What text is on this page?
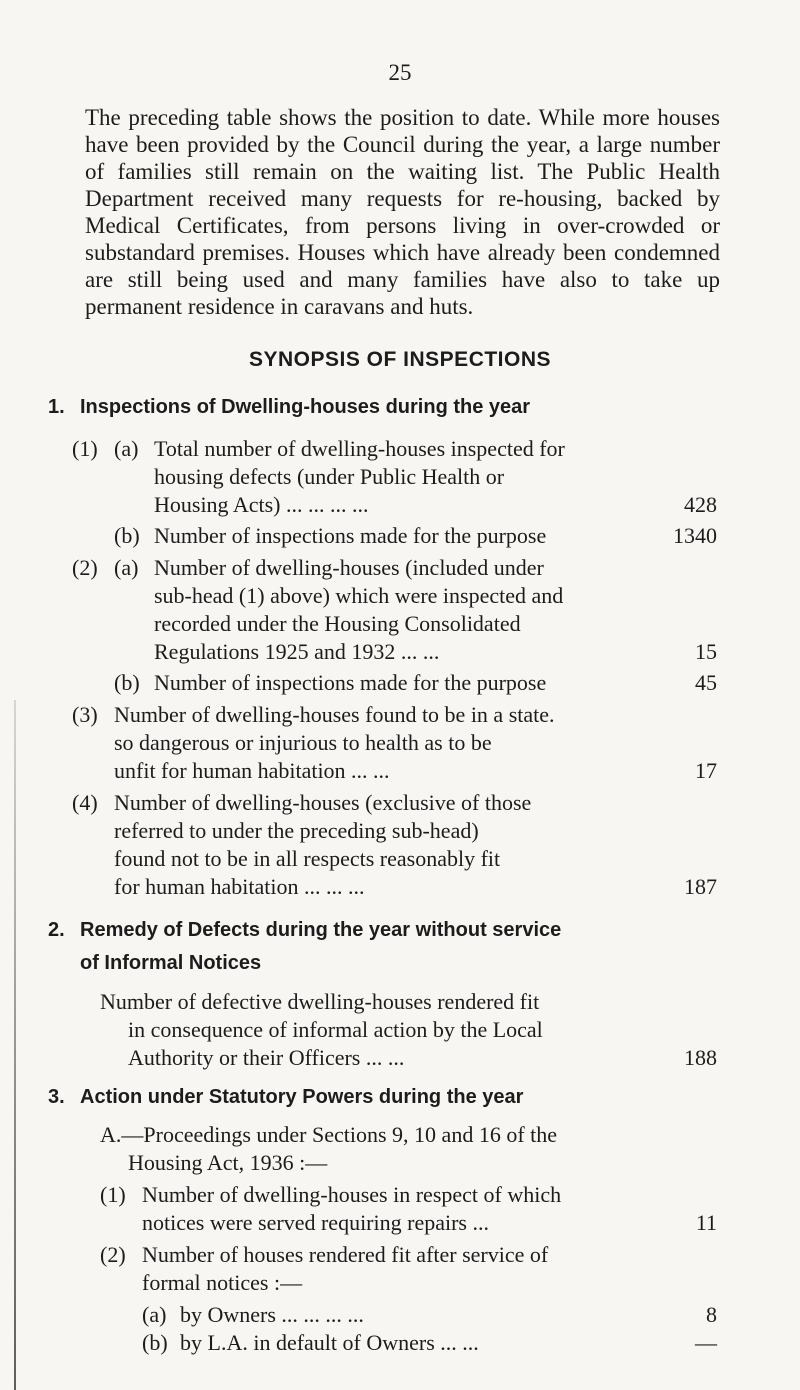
25
The preceding table shows the position to date. While more houses have been provided by the Council during the year, a large number of families still remain on the waiting list. The Public Health Department received many requests for re-housing, backed by Medical Certificates, from persons living in over-crowded or substandard premises. Houses which have already been condemned are still being used and many families have also to take up permanent residence in caravans and huts.
SYNOPSIS OF INSPECTIONS
1. Inspections of Dwelling-houses during the year
(1) (a) Total number of dwelling-houses inspected for
housing defects (under Public Health or
Housing Acts) ... ... ... ...	428
(b) Number of inspections made for the purpose	1340
(2) (a) Number of dwelling-houses (included under
sub-head (1) above) which were inspected and
recorded under the Housing Consolidated
Regulations 1925 and 1932 ... ...	15
(b) Number of inspections made for the purpose	45
(3) Number of dwelling-houses found to be in a state.
so dangerous or injurious to health as to be
unfit for human habitation ... ...	17
(4) Number of dwelling-houses (exclusive of those
referred to under the preceding sub-head)
found not to be in all respects reasonably fit
for human habitation ... ... ...	187
2. Remedy of Defects during the year without service
of Informal Notices
Number of defective dwelling-houses rendered fit
in consequence of informal action by the Local
Authority or their Officers ... ...	188
3. Action under Statutory Powers during the year
A.—Proceedings under Sections 9, 10 and 16 of the
Housing Act, 1936 :—
(1) Number of dwelling-houses in respect of which
notices were served requiring repairs ...	11
(2) Number of houses rendered fit after service of
formal notices :—
(a) by Owners ... ... ... ...	8
(b) by L.A. in default of Owners ... ...	—
